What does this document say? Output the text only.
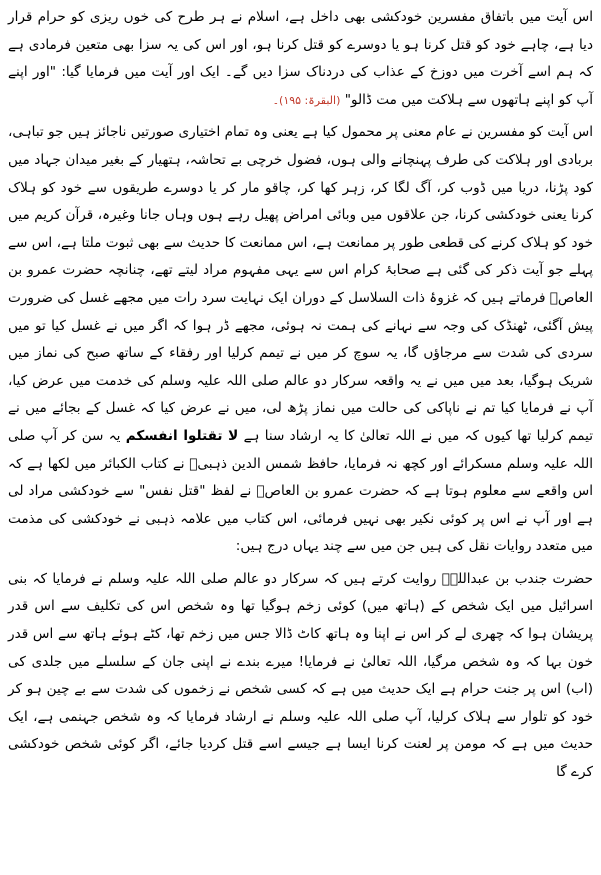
اس آیت میں باتفاق مفسرین خودکشی بھی داخل ہے، اسلام نے ہر طرح کی خوں ریزی کو حرام قرار دیا ہے، چاہے خود کو قتل کرنا ہو یا دوسرے کو قتل کرنا ہو، اور اس کی یہ سزا بھی متعین فرمادی ہے کہ ہم اسے آخرت میں دوزخ کے عذاب کی دردناک سزا دیں گے۔ ایک اور آیت میں فرمایا گیا: "اور اپنے آپ کو اپنے ہاتھوں سے ہلاکت میں مت ڈالو" (البقرۃ: ۱۹۵)۔

اس آیت کو مفسرین نے عام معنی پر محمول کیا ہے یعنی وہ تمام اختیاری صورتیں ناجائز ہیں جو تباہی، بربادی اور ہلاکت کی طرف پہنچانے والی ہوں، فضول خرچی بے تحاشہ، ہتھیار کے بغیر میدان جہاد میں کود پڑنا، دریا میں ڈوب کر، آگ لگا کر، زہر کھا کر، چاقو مار کر یا دوسرے طریقوں سے خود کو ہلاک کرنا یعنی خودکشی کرنا، جن علاقوں میں وبائی امراض پھیل رہے ہوں وہاں جانا وغیرہ، قرآن کریم میں خود کو ہلاک کرنے کی قطعی طور پر ممانعت ہے، اس ممانعت کا حدیث سے بھی ثبوت ملتا ہے، اس سے پہلے جو آیت ذکر کی گئی ہے صحابۂ کرام اس سے یہی مفہوم مراد لیتے تھے، چنانچہ حضرت عمرو بن العاصؓ فرماتے ہیں کہ غزوۂ ذات السلاسل کے دوران ایک نہایت سرد رات میں مجھے غسل کی ضرورت پیش آگئی، ٹھنڈک کی وجہ سے نہانے کی ہمت نہ ہوئی، مجھے ڈر ہوا کہ اگر میں نے غسل کیا تو میں سردی کی شدت سے مرجاؤں گا، یہ سوچ کر میں نے تیمم کرلیا اور رفقاء کے ساتھ صبح کی نماز میں شریک ہوگیا، بعد میں میں نے یہ واقعہ سرکار دو عالم صلی اللہ علیہ وسلم کی خدمت میں عرض کیا، آپ نے فرمایا کیا تم نے ناپاکی کی حالت میں نماز پڑھ لی، میں نے عرض کیا کہ غسل کے بجائے میں نے تیمم کرلیا تھا کیوں کہ میں نے اللہ تعالیٰ کا یہ ارشاد سنا ہے لا تقتلوا انفسکم یہ سن کر آپ صلی اللہ علیہ وسلم مسکرائے اور کچھ نہ فرمایا، حافظ شمس الدین ذہبیؒ نے کتاب الکبائر میں لکھا ہے کہ اس واقعے سے معلوم ہوتا ہے کہ حضرت عمرو بن العاصؓ نے لفظ "قتل نفس" سے خودکشی مراد لی ہے اور آپ نے اس پر کوئی نکیر بھی نہیں فرمائی، اس کتاب میں علامہ ذہبی نے خودکشی کی مذمت میں متعدد روایات نقل کی ہیں جن میں سے چند یہاں درج ہیں:

حضرت جندب بن عبداللہؓ روایت کرتے ہیں کہ سرکار دو عالم صلی اللہ علیہ وسلم نے فرمایا کہ بنی اسرائیل میں ایک شخص کے (ہاتھ میں) کوئی زخم ہوگیا تھا وہ شخص اس کی تکلیف سے اس قدر پریشان ہوا کہ چھری لے کر اس نے اپنا وہ ہاتھ کاٹ ڈالا جس میں زخم تھا، کٹے ہوئے ہاتھ سے اس قدر خون بہا کہ وہ شخص مرگیا، اللہ تعالیٰ نے فرمایا! میرے بندے نے اپنی جان کے سلسلے میں جلدی کی (اب) اس پر جنت حرام ہے ایک حدیث میں ہے کہ کسی شخص نے زخموں کی شدت سے بے چین ہو کر خود کو تلوار سے ہلاک کرلیا، آپ صلی اللہ علیہ وسلم نے ارشاد فرمایا کہ وہ شخص جہنمی ہے، ایک حدیث میں ہے کہ مومن پر لعنت کرنا ایسا ہے جیسے اسے قتل کردیا جائے، اگر کوئی شخص خودکشی کرے گا
